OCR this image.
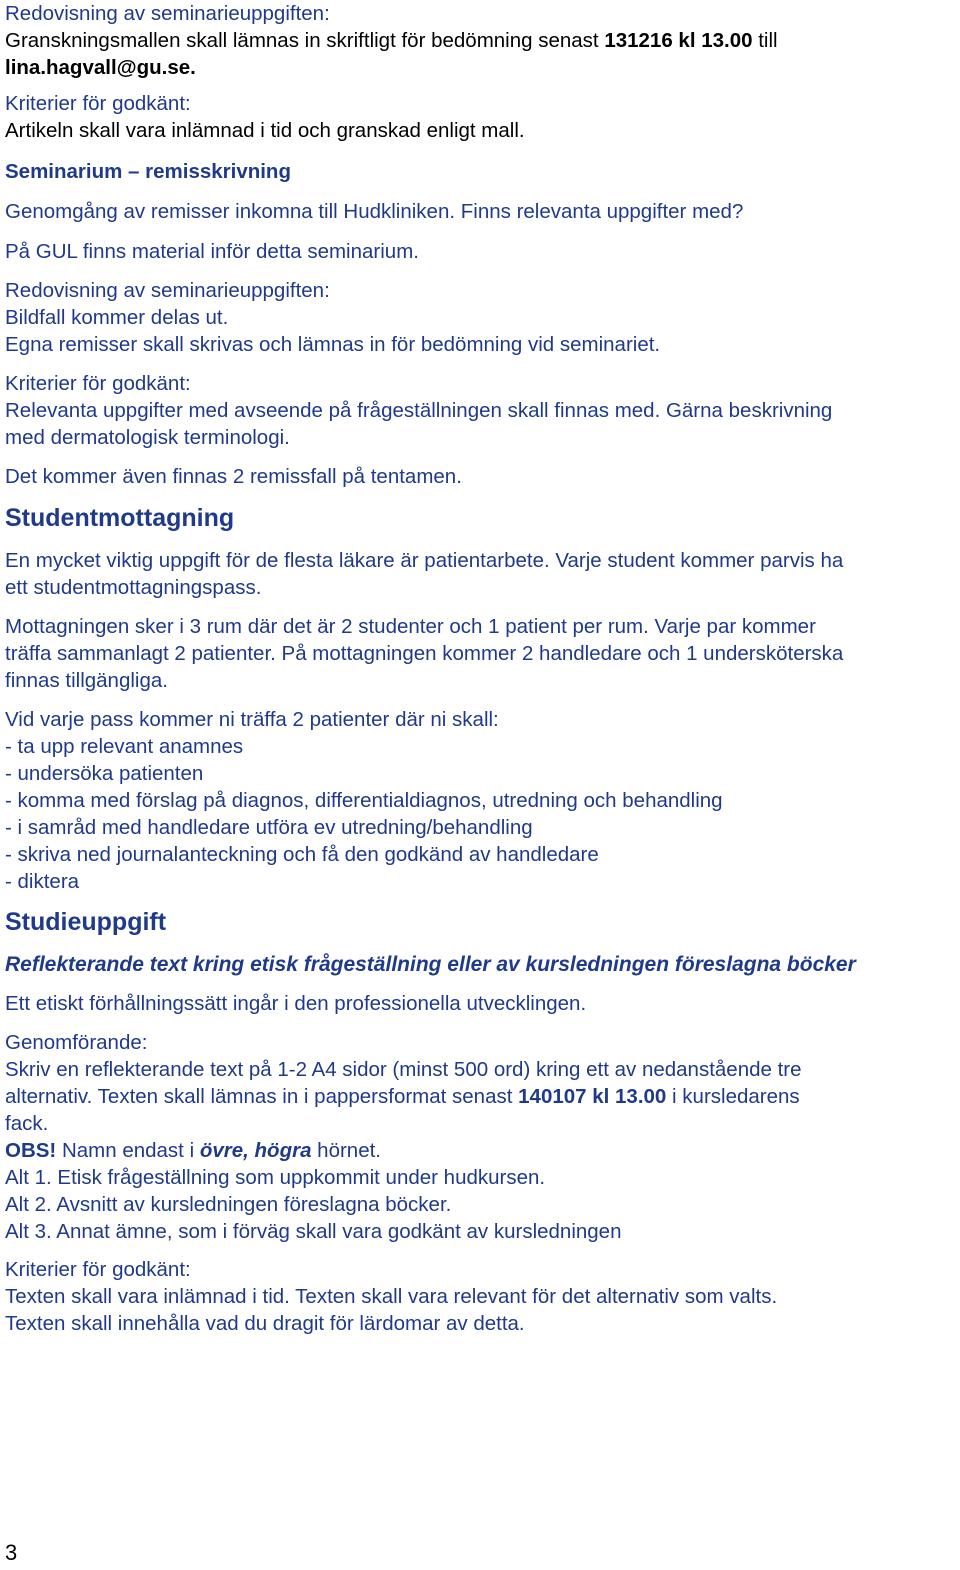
Redovisning av seminarieuppgiften:
Granskningsmallen skall lämnas in skriftligt för bedömning senast 131216 kl 13.00 till
lina.hagvall@gu.se.
Kriterier för godkänt:
Artikeln skall vara inlämnad i tid och granskad enligt mall.
Seminarium – remisskrivning
Genomgång av remisser inkomna till Hudkliniken. Finns relevanta uppgifter med?
På GUL finns material inför detta seminarium.
Redovisning av seminarieuppgiften:
Bildfall kommer delas ut.
Egna remisser skall skrivas och lämnas in för bedömning vid seminariet.
Kriterier för godkänt:
Relevanta uppgifter med avseende på frågeställningen skall finnas med. Gärna beskrivning
med dermatologisk terminologi.
Det kommer även finnas 2 remissfall på tentamen.
Studentmottagning
En mycket viktig uppgift för de flesta läkare är patientarbete. Varje student kommer parvis ha
ett studentmottagningspass.
Mottagningen sker i 3 rum där det är 2 studenter och 1 patient per rum. Varje par kommer
träffa sammanlagt 2 patienter. På mottagningen kommer 2 handledare och 1 undersköterska
finnas tillgängliga.
Vid varje pass kommer ni träffa 2 patienter där ni skall:
- ta upp relevant anamnes
- undersöka patienten
- komma med förslag på diagnos, differentialdiagnos, utredning och behandling
- i samråd med handledare utföra ev utredning/behandling
- skriva ned journalanteckning och få den godkänd av handledare
- diktera
Studieuppgift
Reflekterande text kring etisk frågeställning eller av kursledningen föreslagna böcker
Ett etiskt förhållningssätt ingår i den professionella utvecklingen.
Genomförande:
Skriv en reflekterande text på 1-2 A4 sidor (minst 500 ord) kring ett av nedanstående tre
alternativ. Texten skall lämnas in i pappersformat senast 140107 kl 13.00 i kursledarens
fack.
OBS! Namn endast i övre, högra hörnet.
Alt 1. Etisk frågeställning som uppkommit under hudkursen.
Alt 2. Avsnitt av kursledningen föreslagna böcker.
Alt 3. Annat ämne, som i förväg skall vara godkänt av kursledningen
Kriterier för godkänt:
Texten skall vara inlämnad i tid. Texten skall vara relevant för det alternativ som valts.
Texten skall innehålla vad du dragit för lärdomar av detta.
3
